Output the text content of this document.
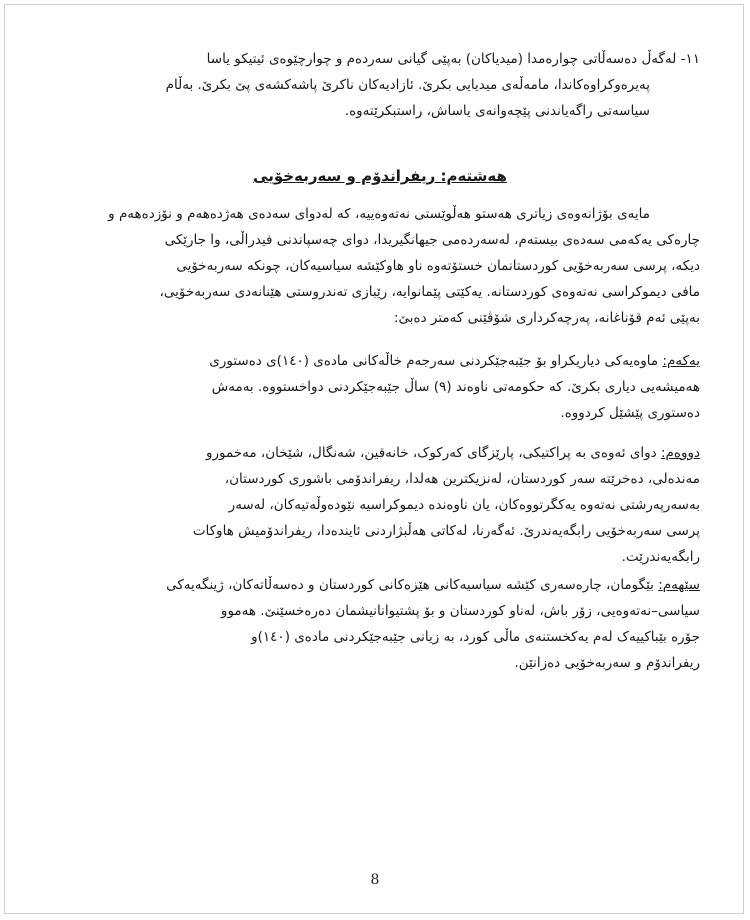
١١- لەگەڵ دەسەڵاتی چوارەمدا (میدیاکان) بەپێی گیانی سەردەم و چوارچێوەی ئیتیکو یاسا
پەیرەوکراوەکاندا، مامەڵەی میدیایی بکرێ. ئازادیەکان ناکرێ پاشەکشەی پێ بکرێ. بەڵام
سیاسەتی راگەیاندنی پێچەوانەی یاساش، راستبکرێتەوە.
هەشتەم: ریفراندۆم و سەربەخۆیی
مایەی بۆژانەوەی زیاتری هەستو هەڵوێستی نەتەوەییە، کە لەدوای سەدەی هەژدەهەم و نۆزدەهەم و
چارەکی یەکەمی سەدەی بیستەم، لەسەردەمی جیهانگیریدا، دوای چەسپاندنی فیدراڵی، وا جارێکی
دیکە، پرسی سەربەخۆیی کوردستانمان خستۆتەوە ناو هاوکێشە سیاسیەکان، چونکە سەربەخۆیی
مافی دیموکراسی نەتەوەی کوردستانە. یەکێتی پێمانوایە، رێبازی تەندروستی هێنانەدی سەربەخۆیی،
بەپێی ئەم قۆناغانە، پەرچەکرداری شۆڤێنی کەمتر دەبێ:
یەکەم: ماوەیەکی دیاریکراو بۆ جێبەجێکردنی سەرجەم خاڵەکانی مادەی (١٤٠)ی دەستوری
هەمیشەیی دیاری بکرێ. کە حکومەتی ناوەند (٩) ساڵ جێبەجێکردنی دواخستووە. بەمەش
دەستوری پێشێل کردووە.
دووەم: دوای ئەوەی بە پراکتیکی، پارێزگای کەرکوک، خانەقین، شەنگال، شێخان، مەخمورو
مەندەلی، دەخرێتە سەر کوردستان، لەنزیکترین هەلدا، ریفراندۆمی باشوری کوردستان،
بەسەرپەرشتی نەتەوە یەکگرتووەکان، یان ناوەندە دیموکراسیە نێودەوڵەتیەکان، لەسەر
پرسی سەربەخۆیی رابگەیەندرێ. ئەگەرنا، لەکاتی هەڵبژاردنی ئایندەدا، ریفراندۆمیش هاوکات
رابگەیەندرێت.
سێهەم: بێگومان، چارەسەری کێشە سیاسیەکانی هێزەکانی کوردستان و دەسەڵاتەکان، ژینگەیەکی
سیاسی–نەتەوەیی، زۆر باش، لەناو کوردستان و بۆ پشتیوانانیشمان دەرەخسێنێ. هەموو
جۆرە بێباکییەک لەم یەکخستنەی ماڵی کورد، بە زیانی جێبەجێکردنی مادەی (١٤٠)و
ریفراندۆم و سەربەخۆیی دەزانێن.
8
